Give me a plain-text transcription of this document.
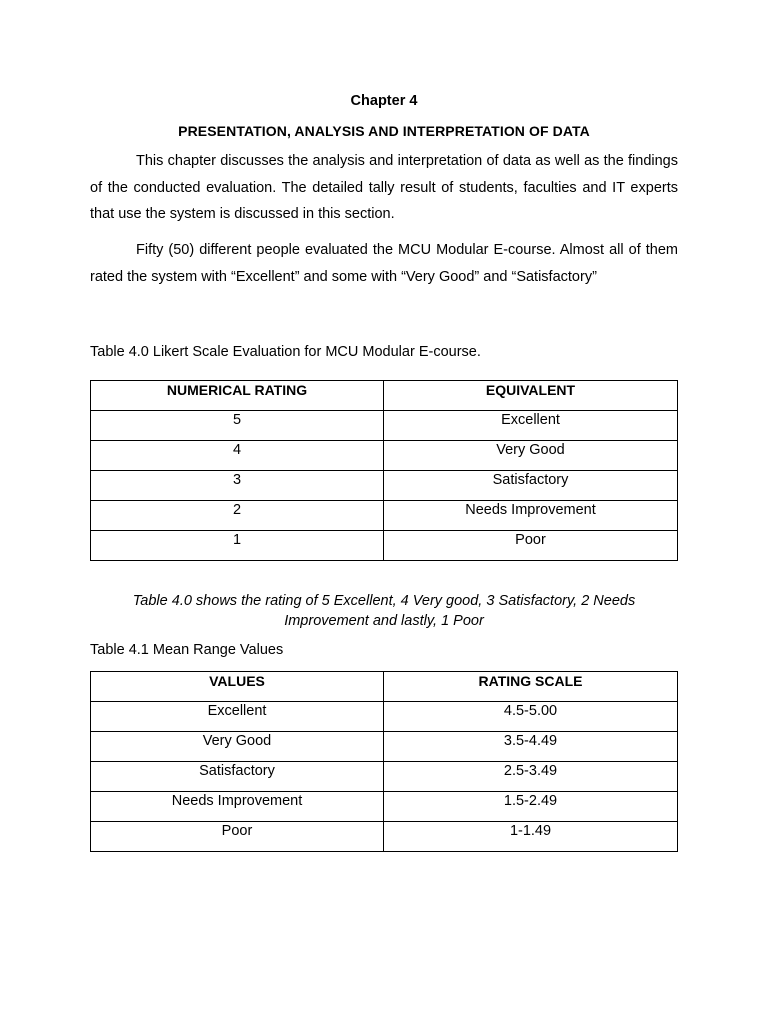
Chapter 4
PRESENTATION, ANALYSIS AND INTERPRETATION OF DATA
This chapter discusses the analysis and interpretation of data as well as the findings of the conducted evaluation. The detailed tally result of students, faculties and IT experts that use the system is discussed in this section.
Fifty (50) different people evaluated the MCU Modular E-course. Almost all of them rated the system with “Excellent” and some with “Very Good” and “Satisfactory”
Table 4.0 Likert Scale Evaluation for MCU Modular E-course.
NUMERICAL RATING	EQUIVALENT
5	Excellent
4	Very Good
3	Satisfactory
2	Needs Improvement
1	Poor
Table 4.0 shows the rating of 5 Excellent, 4 Very good, 3 Satisfactory, 2 Needs Improvement and lastly, 1 Poor
Table 4.1 Mean Range Values
VALUES	RATING SCALE
Excellent	4.5-5.00
Very Good	3.5-4.49
Satisfactory	2.5-3.49
Needs Improvement	1.5-2.49
Poor	1-1.49
